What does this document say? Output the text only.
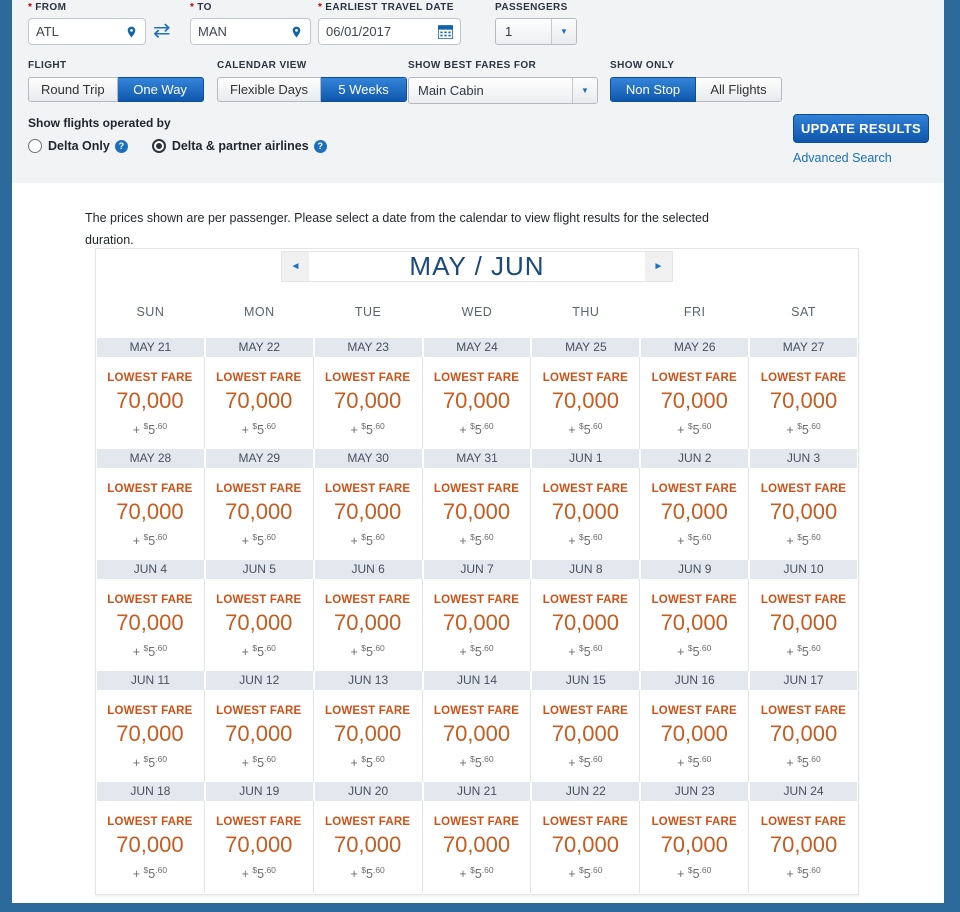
* FROM
ATL	⇄
* TO
MAN
* EARLIEST TRAVEL DATE
06/01/2017
PASSENGERS
1	▼
FLIGHT
Round Trip	One Way
CALENDAR VIEW
Flexible Days	5 Weeks
SHOW BEST FARES FOR
Main Cabin	▼
SHOW ONLY
Non Stop	All Flights
Show flights operated by
Delta Only ?	Delta & partner airlines ?
UPDATE RESULTS
Advanced Search
The prices shown are per passenger. Please select a date from the calendar to view flight results for the selected duration.
◄	MAY / JUN	►
SUN	MON	TUE	WED	THU	FRI	SAT
MAY 21	MAY 22	MAY 23	MAY 24	MAY 25	MAY 26	MAY 27
LOWEST FARE
70,000
+ $^{\$}5^{.60}$
LOWEST FARE
70,000
+ $^{\$}5^{.60}$
LOWEST FARE
70,000
+ $^{\$}5^{.60}$
LOWEST FARE
70,000
+ $^{\$}5^{.60}$
LOWEST FARE
70,000
+ $^{\$}5^{.60}$
LOWEST FARE
70,000
+ $^{\$}5^{.60}$
LOWEST FARE
70,000
+ $^{\$}5^{.60}$
MAY 28	MAY 29	MAY 30	MAY 31	JUN 1	JUN 2	JUN 3
LOWEST FARE
70,000
+ $^{\$}5^{.60}$
LOWEST FARE
70,000
+ $^{\$}5^{.60}$
LOWEST FARE
70,000
+ $^{\$}5^{.60}$
LOWEST FARE
70,000
+ $^{\$}5^{.60}$
LOWEST FARE
70,000
+ $^{\$}5^{.60}$
LOWEST FARE
70,000
+ $^{\$}5^{.60}$
LOWEST FARE
70,000
+ $^{\$}5^{.60}$
JUN 4	JUN 5	JUN 6	JUN 7	JUN 8	JUN 9	JUN 10
LOWEST FARE
70,000
+ $^{\$}5^{.60}$
LOWEST FARE
70,000
+ $^{\$}5^{.60}$
LOWEST FARE
70,000
+ $^{\$}5^{.60}$
LOWEST FARE
70,000
+ $^{\$}5^{.60}$
LOWEST FARE
70,000
+ $^{\$}5^{.60}$
LOWEST FARE
70,000
+ $^{\$}5^{.60}$
LOWEST FARE
70,000
+ $^{\$}5^{.60}$
JUN 11	JUN 12	JUN 13	JUN 14	JUN 15	JUN 16	JUN 17
LOWEST FARE
70,000
+ $^{\$}5^{.60}$
LOWEST FARE
70,000
+ $^{\$}5^{.60}$
LOWEST FARE
70,000
+ $^{\$}5^{.60}$
LOWEST FARE
70,000
+ $^{\$}5^{.60}$
LOWEST FARE
70,000
+ $^{\$}5^{.60}$
LOWEST FARE
70,000
+ $^{\$}5^{.60}$
LOWEST FARE
70,000
+ $^{\$}5^{.60}$
JUN 18	JUN 19	JUN 20	JUN 21	JUN 22	JUN 23	JUN 24
LOWEST FARE
70,000
+ $^{\$}5^{.60}$
LOWEST FARE
70,000
+ $^{\$}5^{.60}$
LOWEST FARE
70,000
+ $^{\$}5^{.60}$
LOWEST FARE
70,000
+ $^{\$}5^{.60}$
LOWEST FARE
70,000
+ $^{\$}5^{.60}$
LOWEST FARE
70,000
+ $^{\$}5^{.60}$
LOWEST FARE
70,000
+ $^{\$}5^{.60}$
